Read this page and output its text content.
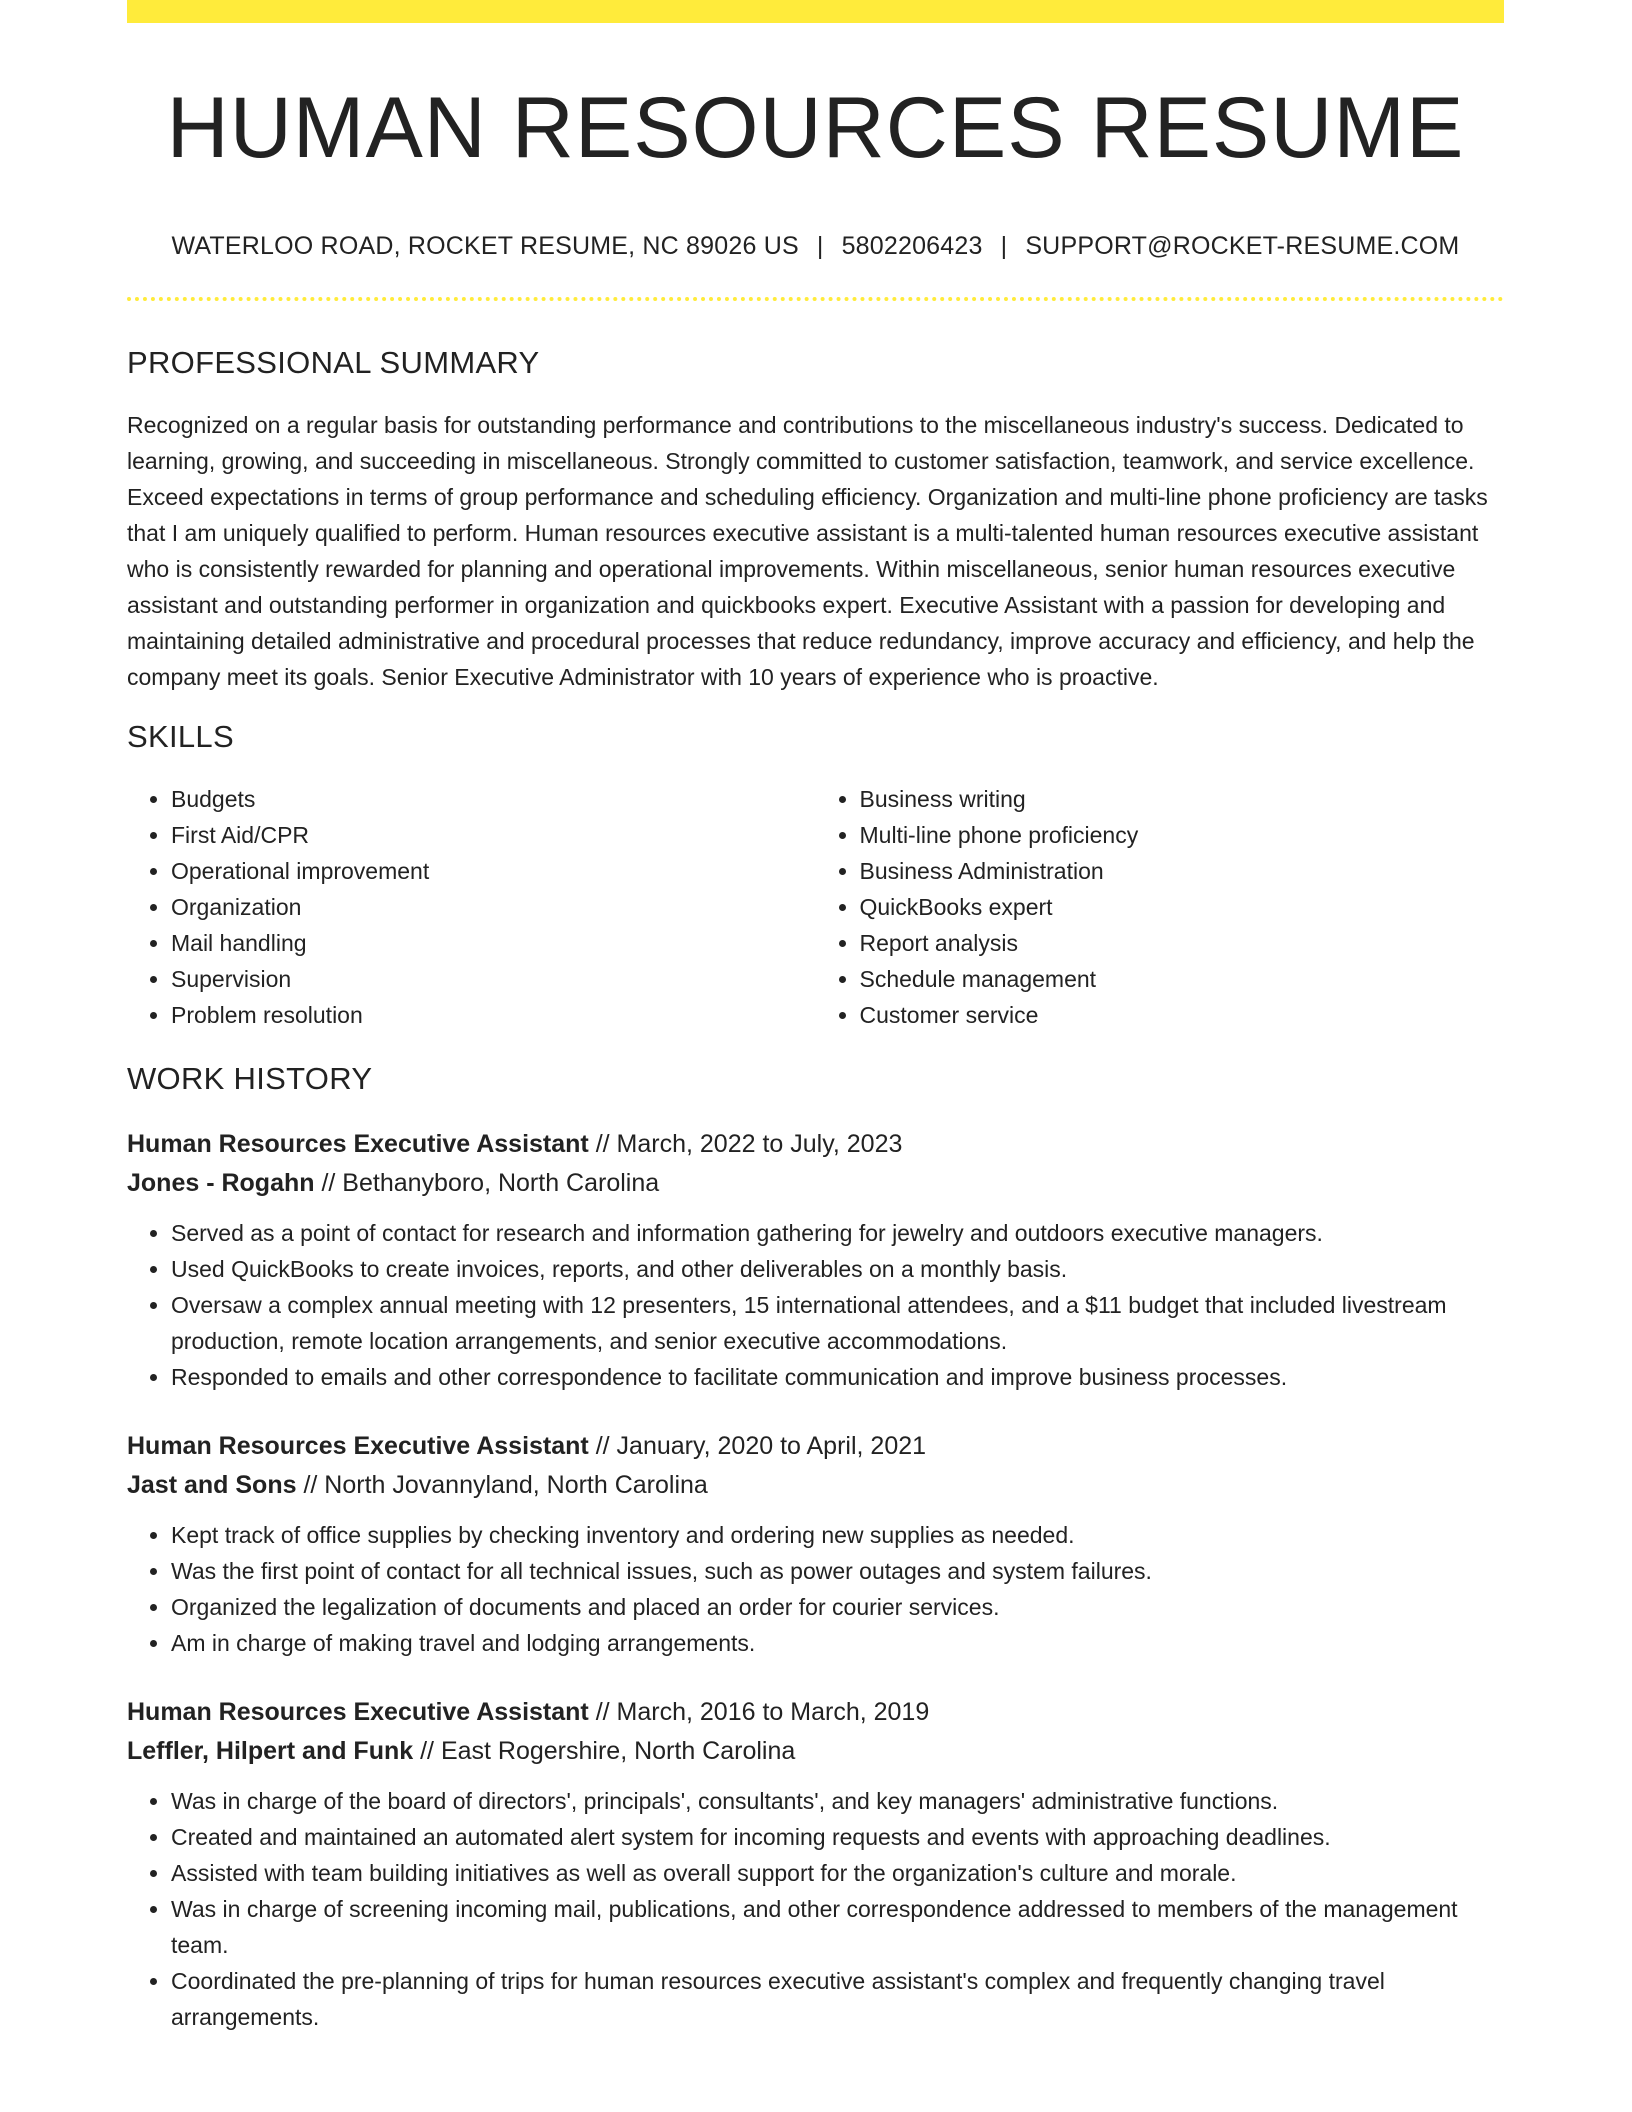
HUMAN RESOURCES RESUME
WATERLOO ROAD, ROCKET RESUME, NC 89026 US | 5802206423 | SUPPORT@ROCKET-RESUME.COM
PROFESSIONAL SUMMARY
Recognized on a regular basis for outstanding performance and contributions to the miscellaneous industry's success. Dedicated to learning, growing, and succeeding in miscellaneous. Strongly committed to customer satisfaction, teamwork, and service excellence. Exceed expectations in terms of group performance and scheduling efficiency. Organization and multi-line phone proficiency are tasks that I am uniquely qualified to perform. Human resources executive assistant is a multi-talented human resources executive assistant who is consistently rewarded for planning and operational improvements. Within miscellaneous, senior human resources executive assistant and outstanding performer in organization and quickbooks expert. Executive Assistant with a passion for developing and maintaining detailed administrative and procedural processes that reduce redundancy, improve accuracy and efficiency, and help the company meet its goals. Senior Executive Administrator with 10 years of experience who is proactive.
SKILLS
• Budgets
• First Aid/CPR
• Operational improvement
• Organization
• Mail handling
• Supervision
• Problem resolution
• Business writing
• Multi-line phone proficiency
• Business Administration
• QuickBooks expert
• Report analysis
• Schedule management
• Customer service
WORK HISTORY
Human Resources Executive Assistant // March, 2022 to July, 2023
Jones - Rogahn // Bethanyboro, North Carolina
• Served as a point of contact for research and information gathering for jewelry and outdoors executive managers.
• Used QuickBooks to create invoices, reports, and other deliverables on a monthly basis.
• Oversaw a complex annual meeting with 12 presenters, 15 international attendees, and a $11 budget that included livestream production, remote location arrangements, and senior executive accommodations.
• Responded to emails and other correspondence to facilitate communication and improve business processes.
Human Resources Executive Assistant // January, 2020 to April, 2021
Jast and Sons // North Jovannyland, North Carolina
• Kept track of office supplies by checking inventory and ordering new supplies as needed.
• Was the first point of contact for all technical issues, such as power outages and system failures.
• Organized the legalization of documents and placed an order for courier services.
• Am in charge of making travel and lodging arrangements.
Human Resources Executive Assistant // March, 2016 to March, 2019
Leffler, Hilpert and Funk // East Rogershire, North Carolina
• Was in charge of the board of directors', principals', consultants', and key managers' administrative functions.
• Created and maintained an automated alert system for incoming requests and events with approaching deadlines.
• Assisted with team building initiatives as well as overall support for the organization's culture and morale.
• Was in charge of screening incoming mail, publications, and other correspondence addressed to members of the management team.
• Coordinated the pre-planning of trips for human resources executive assistant's complex and frequently changing travel arrangements.
